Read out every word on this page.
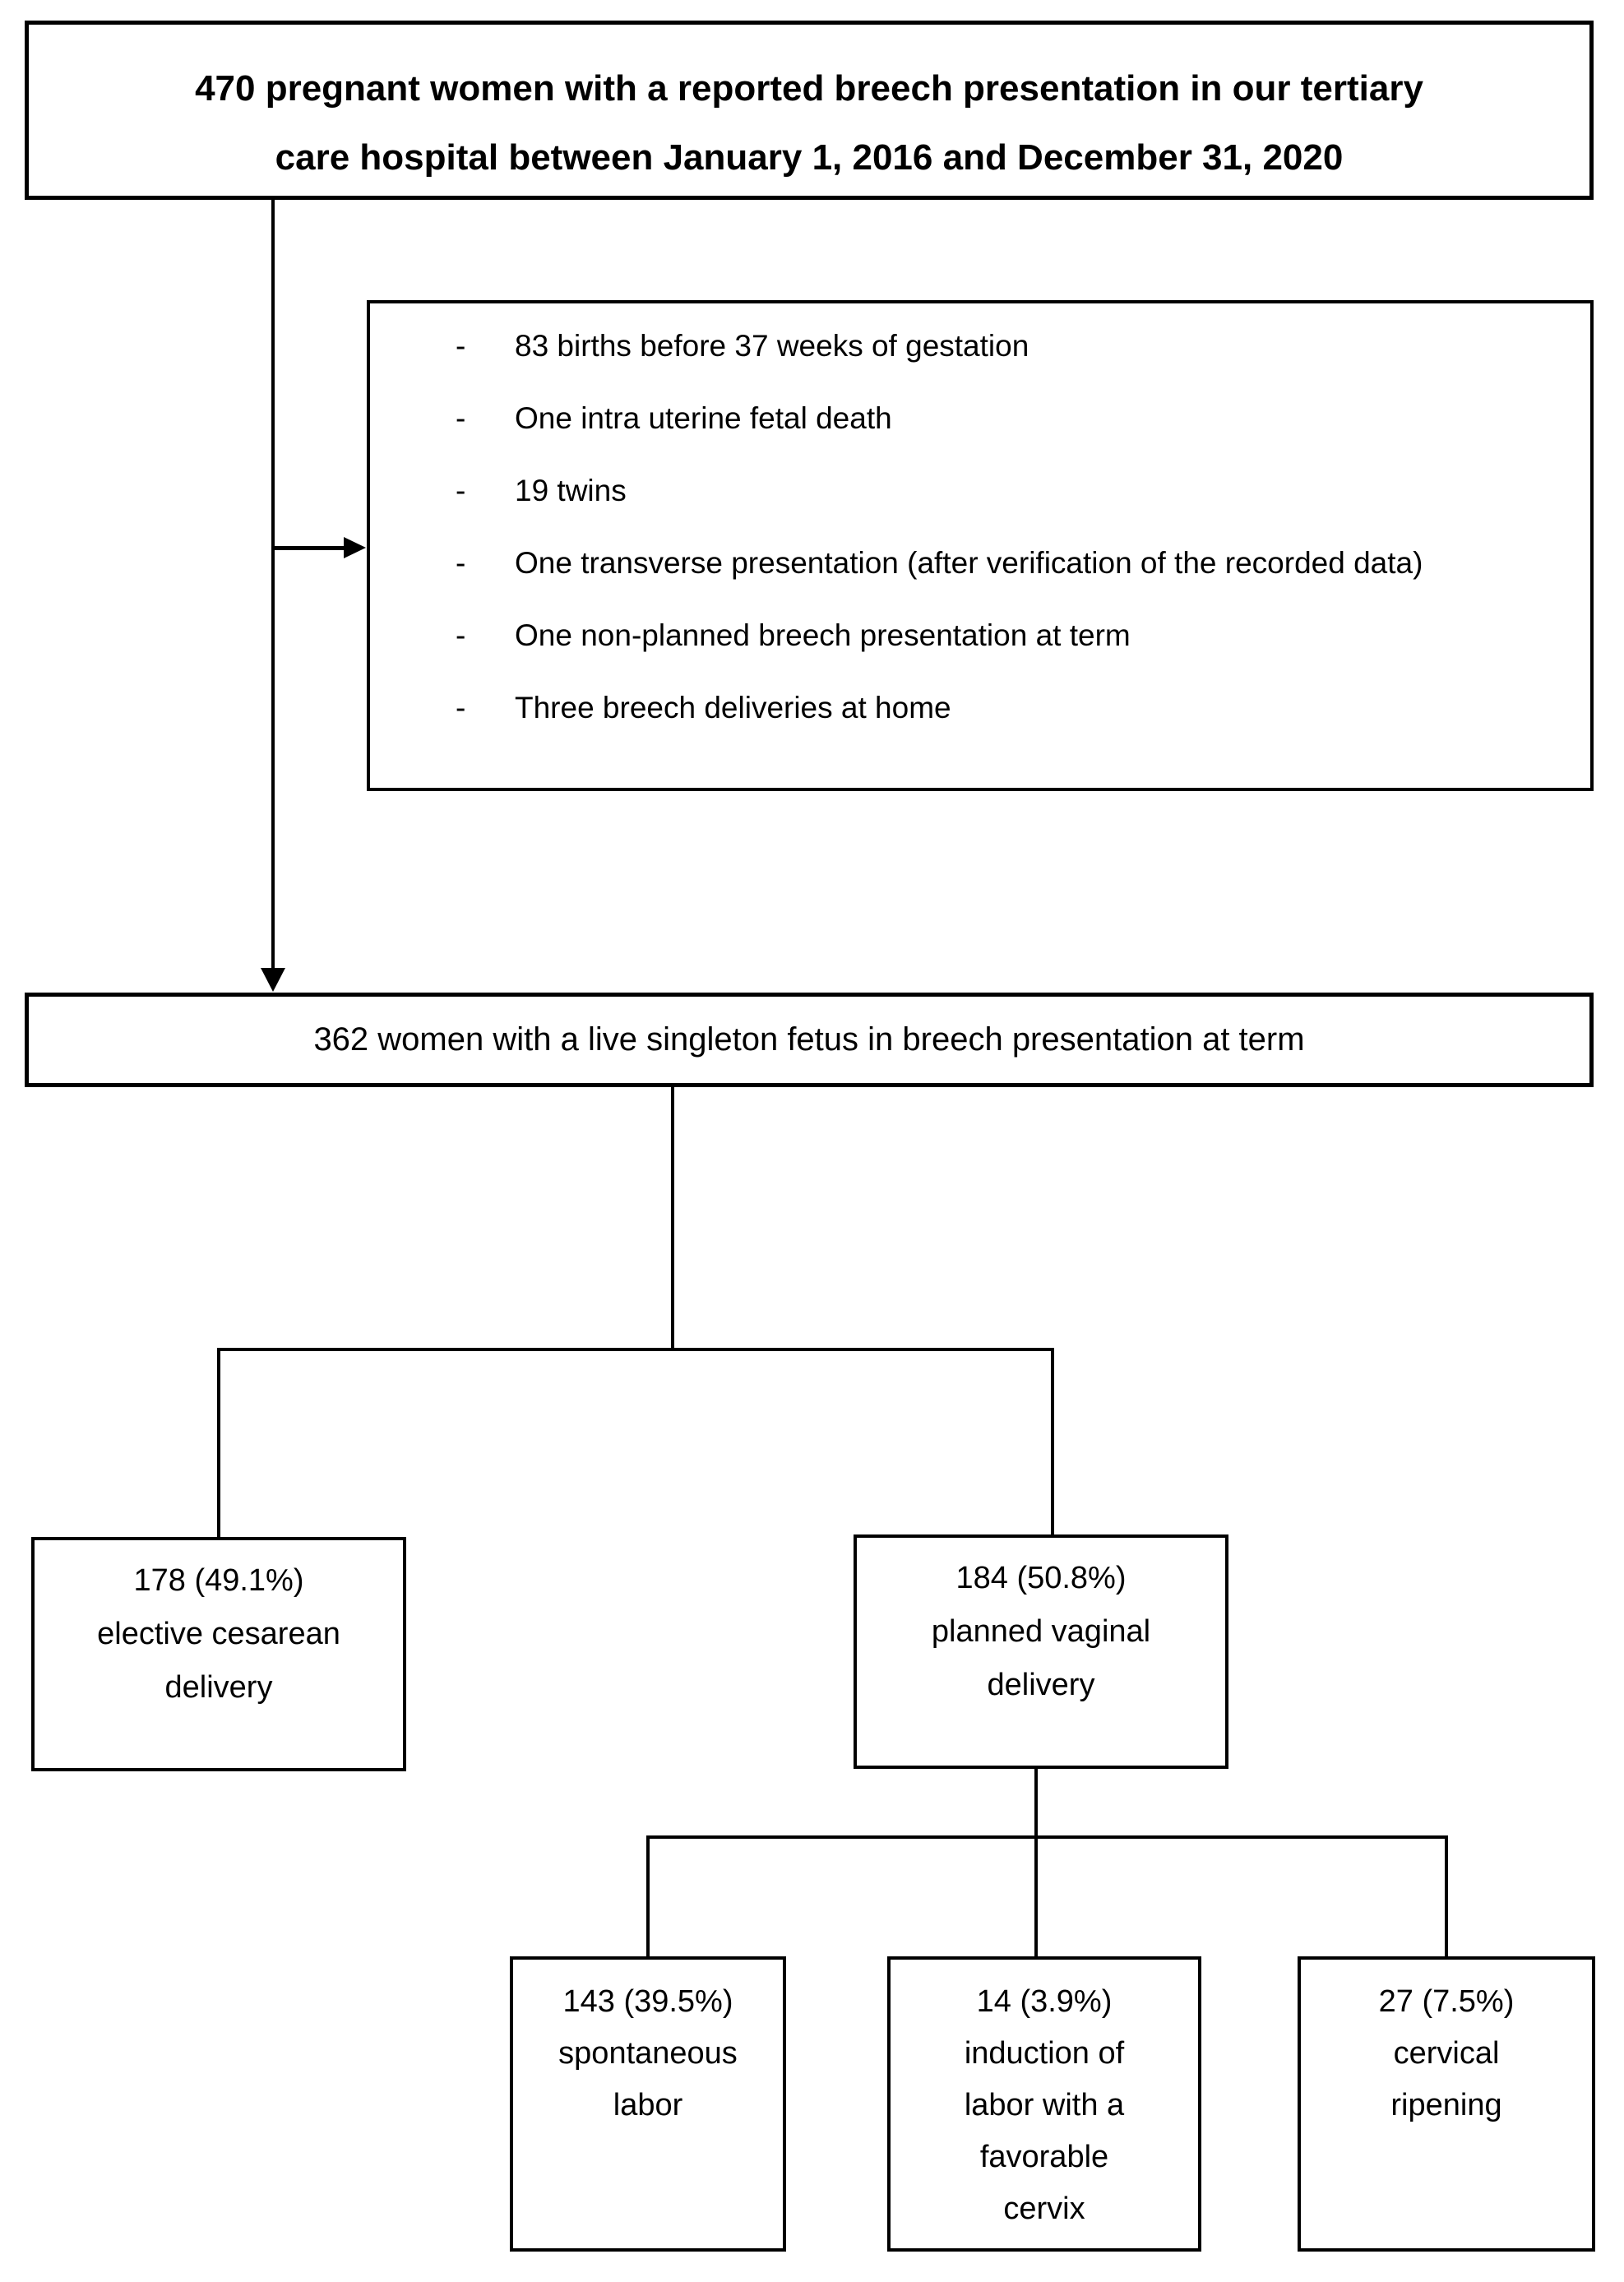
470 pregnant women with a reported breech presentation in our tertiary
care hospital between January 1, 2016 and December 31, 2020
-	83 births before 37 weeks of gestation
-	One intra uterine fetal death
-	19 twins
-	One transverse presentation (after verification of the recorded data)
-	One non-planned breech presentation at term
-	Three breech deliveries at home
362 women with a live singleton fetus in breech presentation at term
178 (49.1%)
elective cesarean
delivery
184 (50.8%)
planned vaginal
delivery
143 (39.5%)
spontaneous
labor
14 (3.9%)
induction of
labor with a
favorable
cervix
27 (7.5%)
cervical
ripening
